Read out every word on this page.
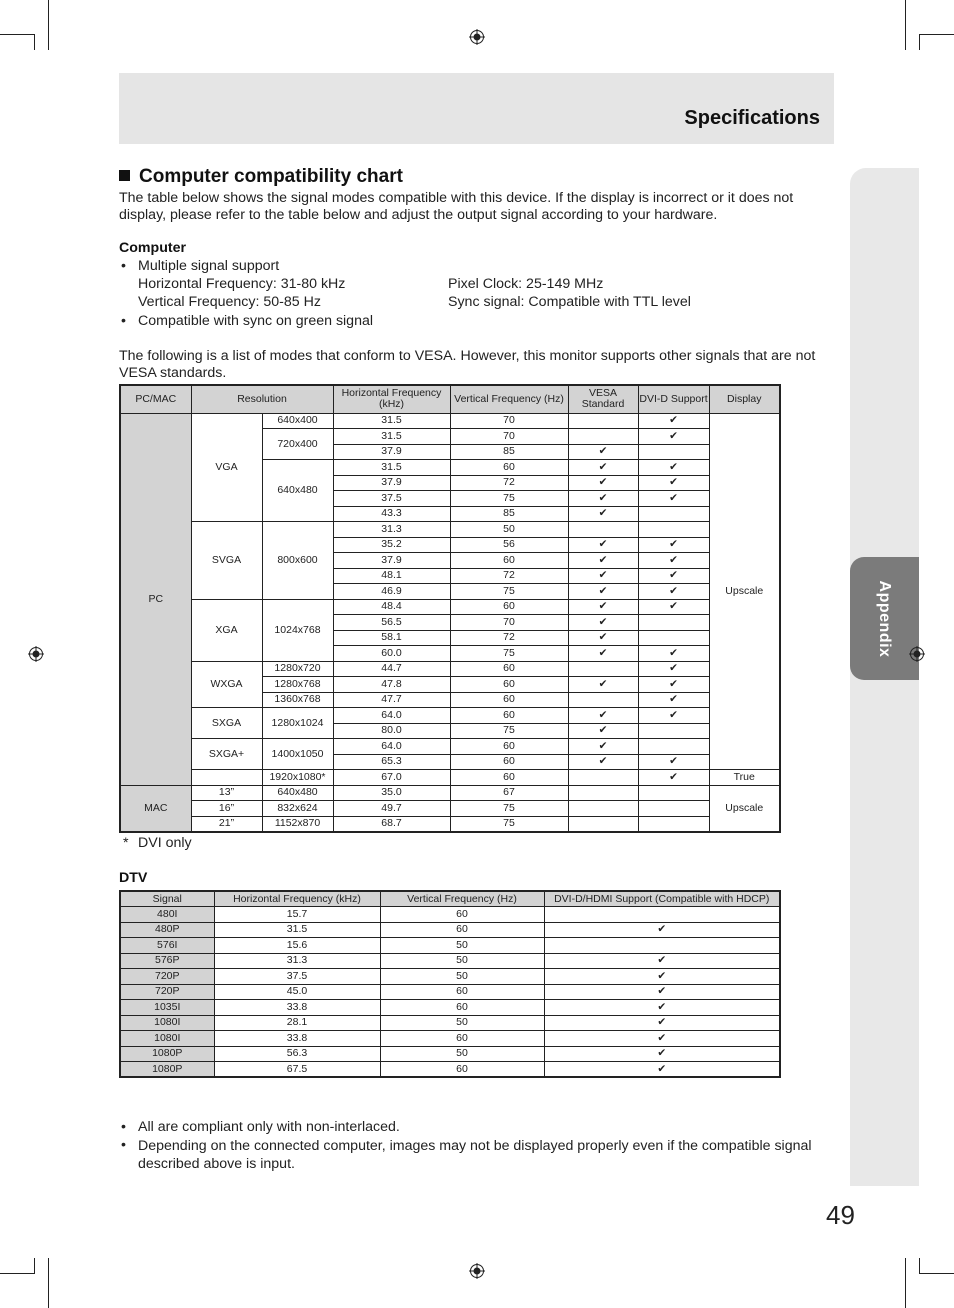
Specifications
Appendix
Computer compatibility chart
The table below shows the signal modes compatible with this device. If the display is incorrect or it does not display, please refer to the table below and adjust the output signal according to your hardware.
Computer
• Multiple signal support
Horizontal Frequency: 31-80 kHz	Pixel Clock: 25-149 MHz
Vertical Frequency: 50-85 Hz	Sync signal: Compatible with TTL level
• Compatible with sync on green signal
The following is a list of modes that conform to VESA. However, this monitor supports other signals that are not VESA standards.
PC/MAC	Resolution		Horizontal Frequency (kHz)	Vertical Frequency (Hz)	VESA Standard	DVI-D Support	Display
PC	VGA	640x400	31.5	70		✔	Upscale
		720x400	31.5	70		✔	
			37.9	85	✔		
		640x480	31.5	60	✔	✔	
			37.9	72	✔	✔	
			37.5	75	✔	✔	
			43.3	85	✔		
	SVGA	800x600	31.3	50			
			35.2	56	✔	✔	
			37.9	60	✔	✔	
			48.1	72	✔	✔	
			46.9	75	✔	✔	
	XGA	1024x768	48.4	60	✔	✔	
			56.5	70	✔		
			58.1	72	✔		
			60.0	75	✔	✔	
	WXGA	1280x720	44.7	60		✔	
		1280x768	47.8	60	✔	✔	
		1360x768	47.7	60		✔	
	SXGA	1280x1024	64.0	60	✔	✔	
			80.0	75	✔		
	SXGA+	1400x1050	64.0	60	✔		
			65.3	60	✔	✔	
		1920x1080*	67.0	60		✔	True
MAC	13”	640x480	35.0	67			Upscale
	16”	832x624	49.7	75			
	21”	1152x870	68.7	75			
* DVI only
DTV
Signal	Horizontal Frequency (kHz)	Vertical Frequency (Hz)	DVI-D/HDMI Support (Compatible with HDCP)
480I	15.7	60	
480P	31.5	60	✔
576I	15.6	50	
576P	31.3	50	✔
720P	37.5	50	✔
720P	45.0	60	✔
1035I	33.8	60	✔
1080I	28.1	50	✔
1080I	33.8	60	✔
1080P	56.3	50	✔
1080P	67.5	60	✔
• All are compliant only with non-interlaced.
• Depending on the connected computer, images may not be displayed properly even if the compatible signal described above is input.
49
